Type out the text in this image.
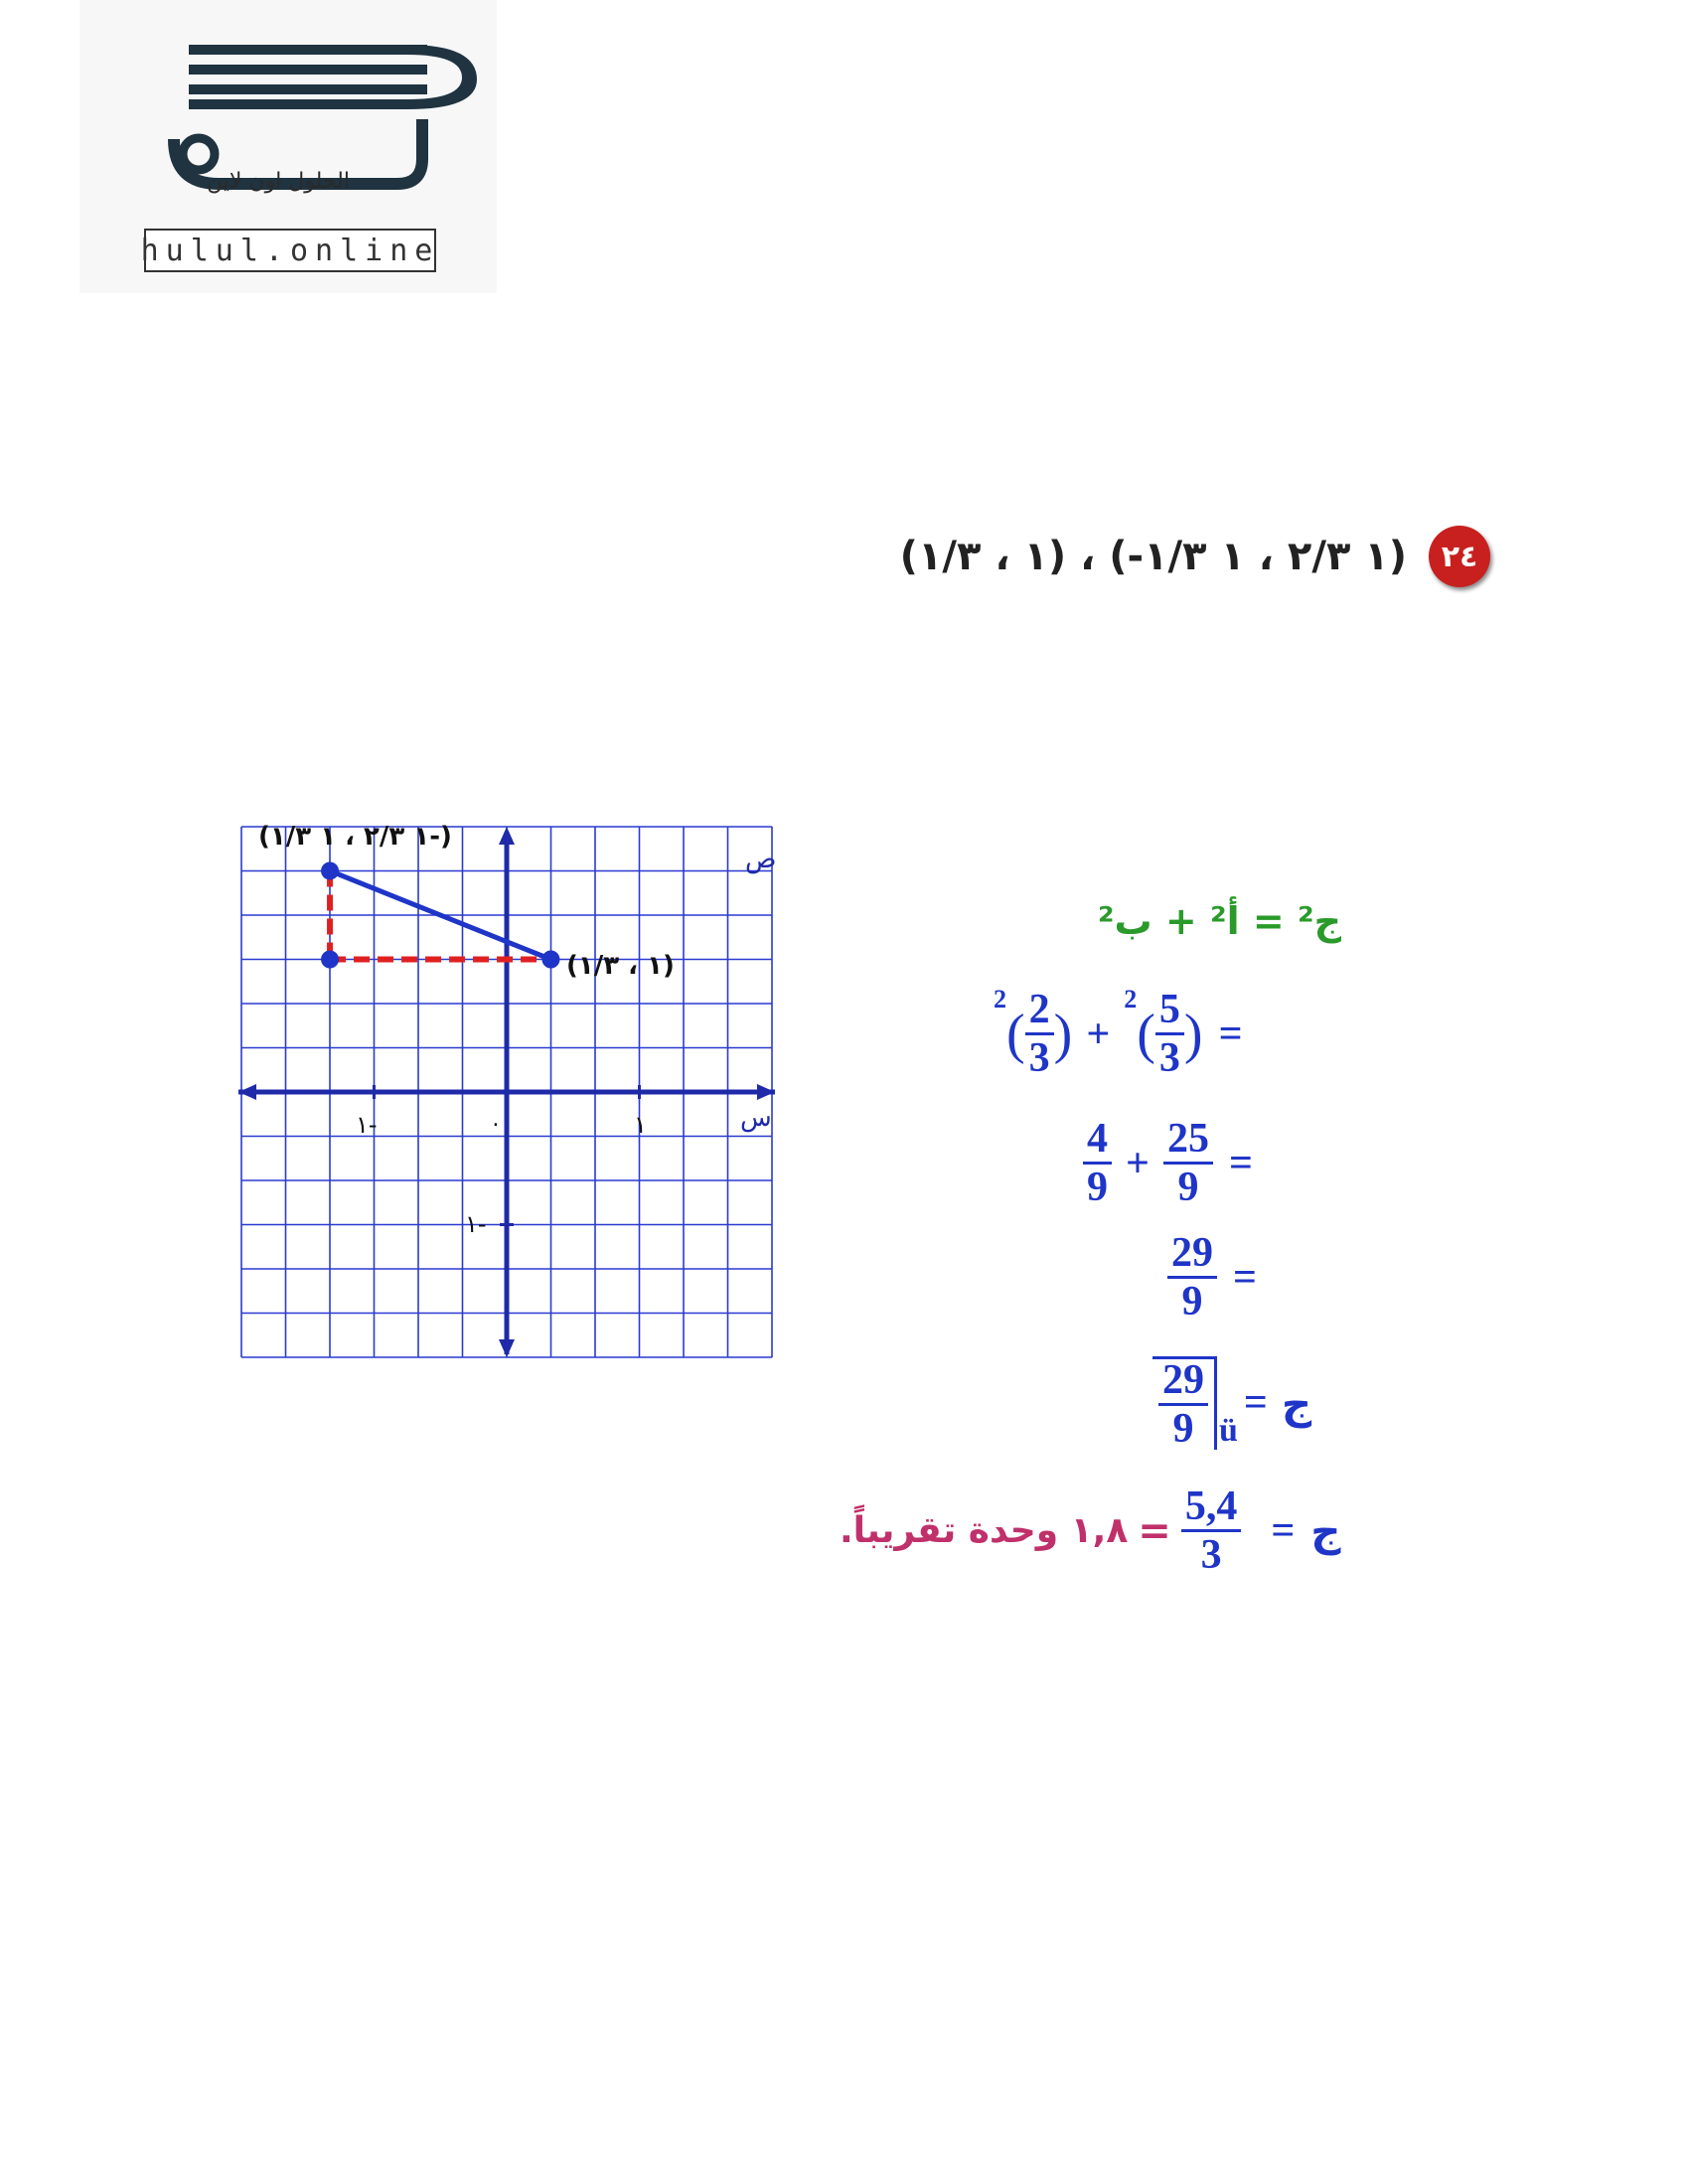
الحلول اون لاين
hulul.online
(١ ٢/٣ ، ١ ١/٣-) ، (١ ، ١/٣)	٢٤
ص
س
١-	١
٠
١-
(١ ٢/٣ ، ١ ١/٣-)
(١ ، ١/٣)
ج² = أ² + ب²
2
( $\frac{2}{3}$ ) +
2
( $\frac{5}{3}$ ) =
$\frac{4}{9} + \frac{25}{9}$ =
$\frac{29}{9}$ =
$\frac{29}{9}$ ü
= ج
١,٨ وحدة تقريباً. = $\frac{5,4}{3}$ = ج
